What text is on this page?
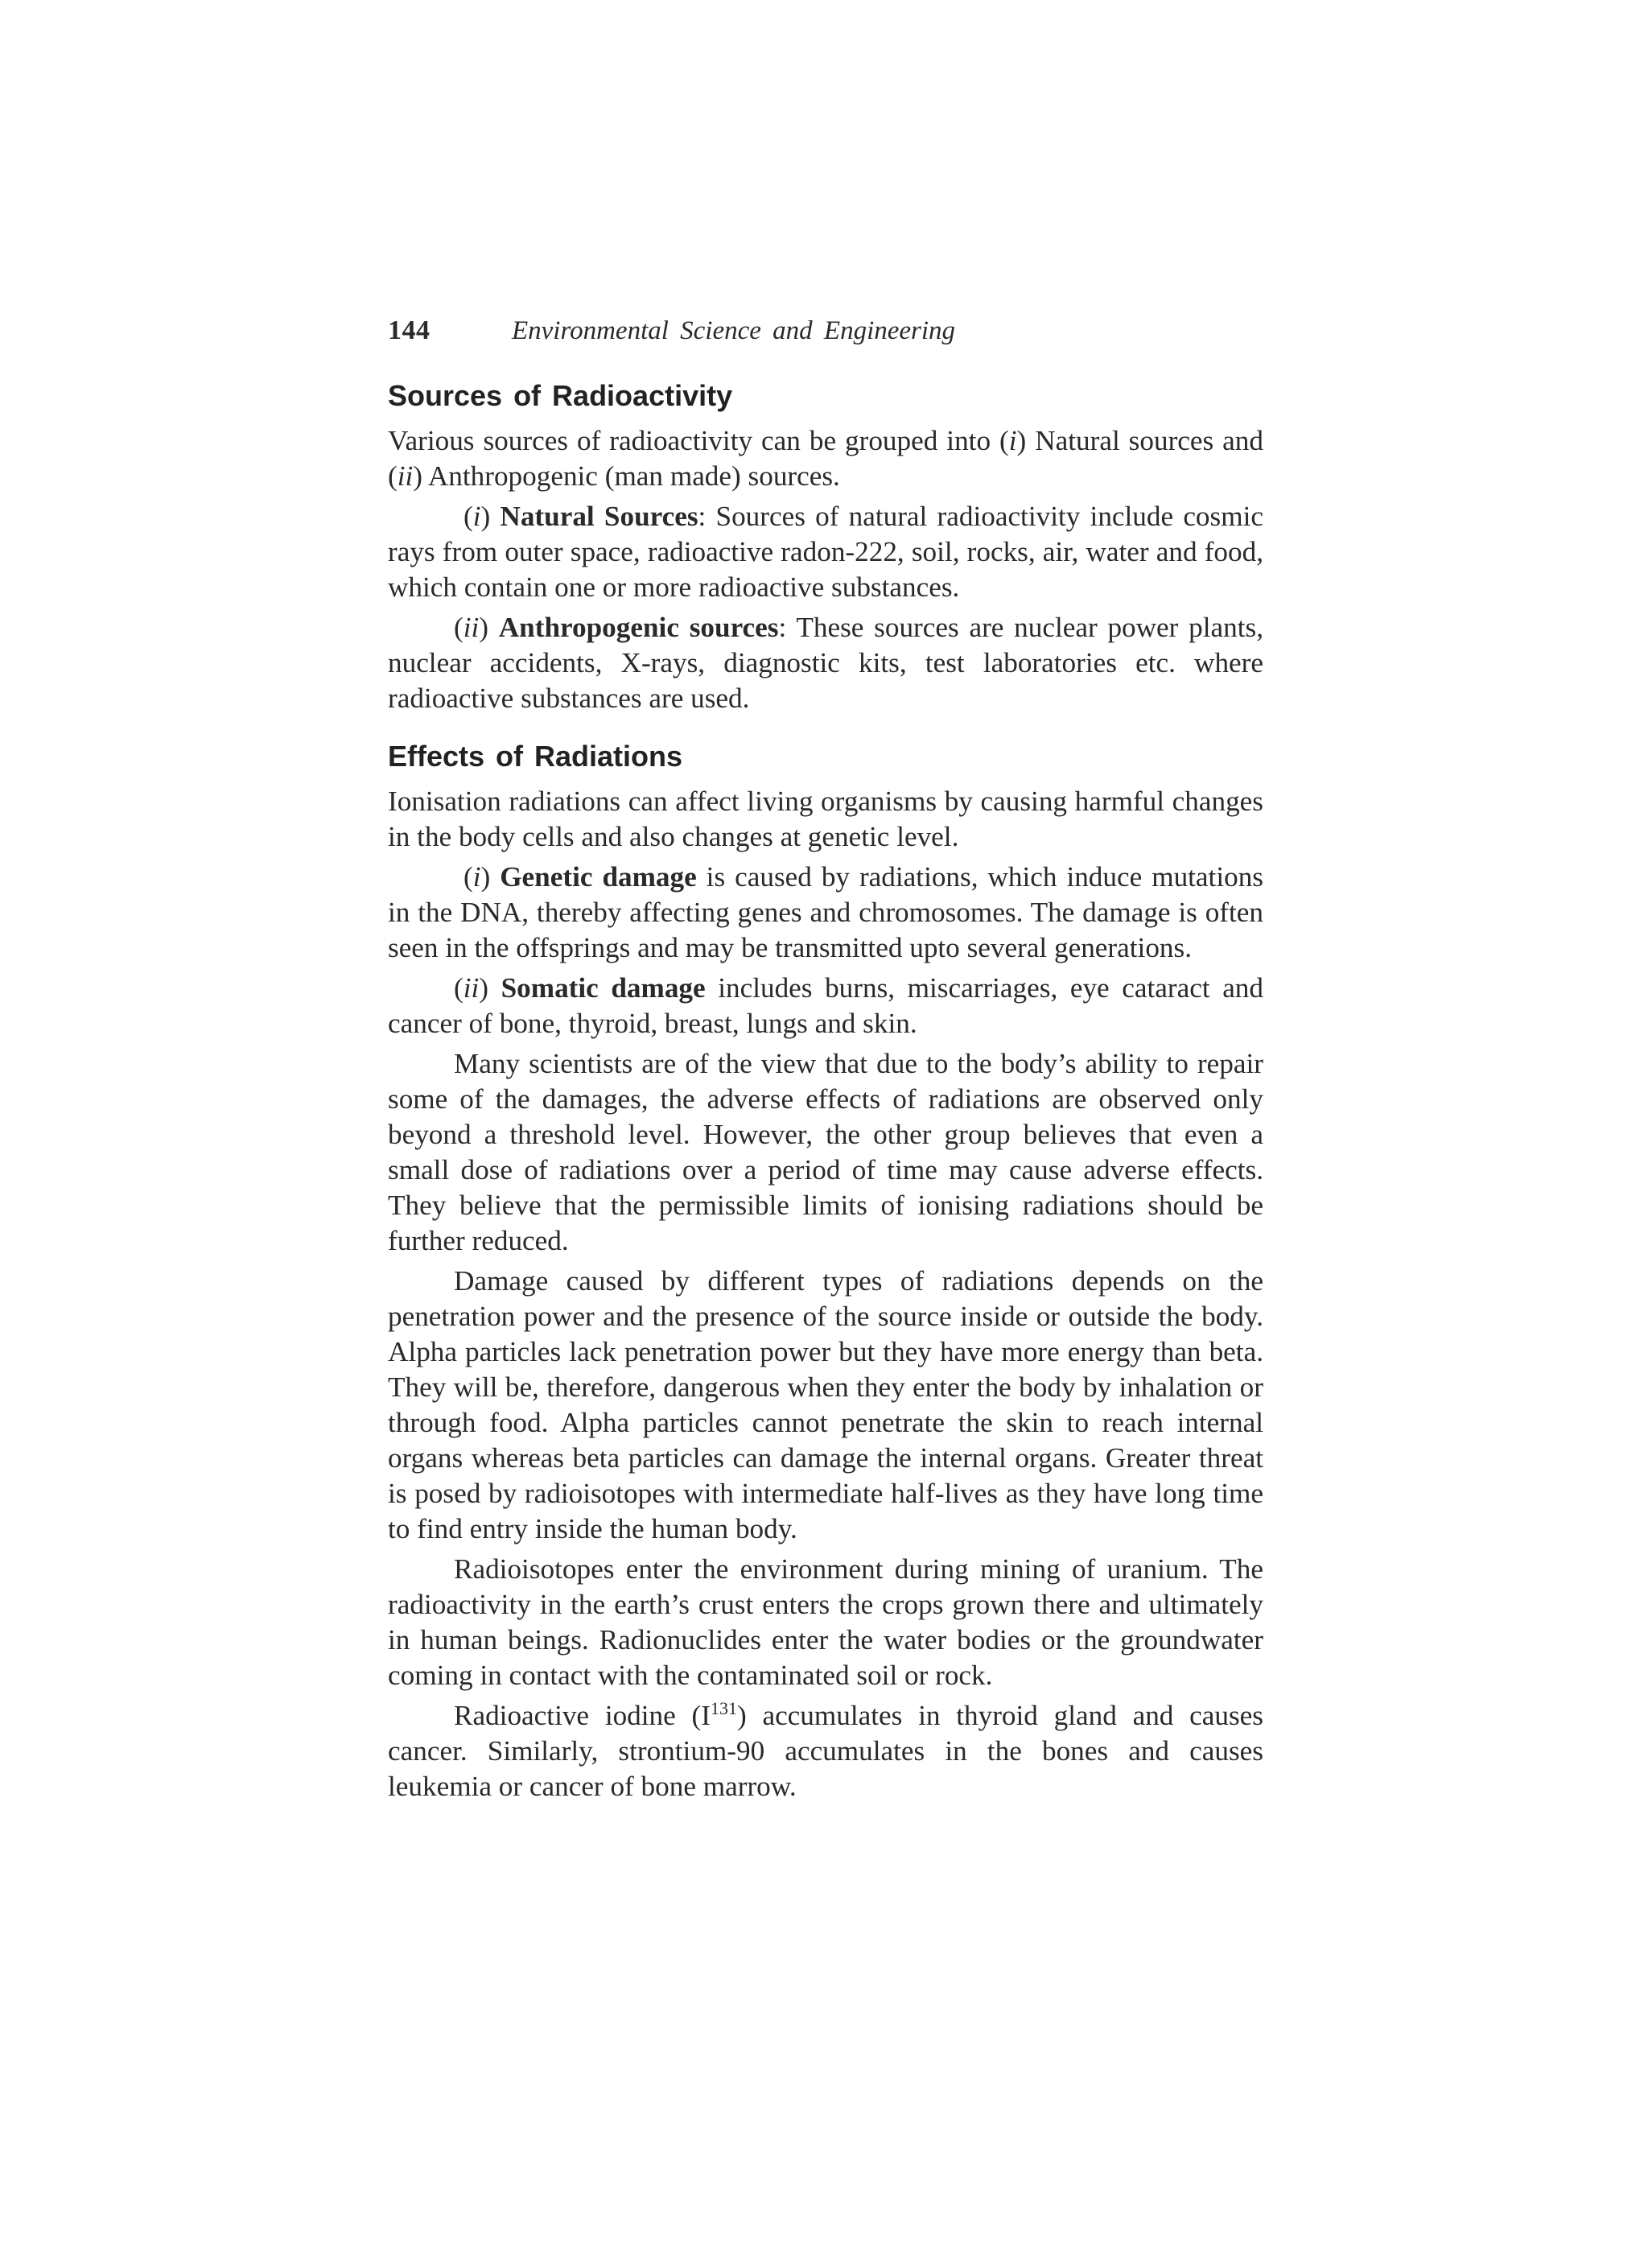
144	Environmental Science and Engineering
Sources of Radioactivity

Various sources of radioactivity can be grouped into (i) Natural sources and (ii) Anthropogenic (man made) sources.

(i) Natural Sources: Sources of natural radioactivity include cosmic rays from outer space, radioactive radon-222, soil, rocks, air, water and food, which contain one or more radioactive substances.

(ii) Anthropogenic sources: These sources are nuclear power plants, nuclear accidents, X-rays, diagnostic kits, test laboratories etc. where radioactive substances are used.

Effects of Radiations

Ionisation radiations can affect living organisms by causing harmful changes in the body cells and also changes at genetic level.

(i) Genetic damage is caused by radiations, which induce mutations in the DNA, thereby affecting genes and chromosomes. The damage is often seen in the offsprings and may be transmitted upto several generations.

(ii) Somatic damage includes burns, miscarriages, eye cataract and cancer of bone, thyroid, breast, lungs and skin.

Many scientists are of the view that due to the body’s ability to repair some of the damages, the adverse effects of radiations are observed only beyond a threshold level. However, the other group believes that even a small dose of radiations over a period of time may cause adverse effects. They believe that the permissible limits of ionising radiations should be further reduced.

Damage caused by different types of radiations depends on the penetration power and the presence of the source inside or outside the body. Alpha particles lack penetration power but they have more energy than beta. They will be, therefore, dangerous when they enter the body by inhalation or through food. Alpha particles cannot penetrate the skin to reach internal organs whereas beta particles can damage the internal organs. Greater threat is posed by radioisotopes with intermediate half-lives as they have long time to find entry inside the human body.

Radioisotopes enter the environment during mining of uranium. The radioactivity in the earth’s crust enters the crops grown there and ultimately in human beings. Radionuclides enter the water bodies or the groundwater coming in contact with the contaminated soil or rock.

Radioactive iodine $(I^{131})$ accumulates in thyroid gland and causes cancer. Similarly, strontium-90 accumulates in the bones and causes leukemia or cancer of bone marrow.
